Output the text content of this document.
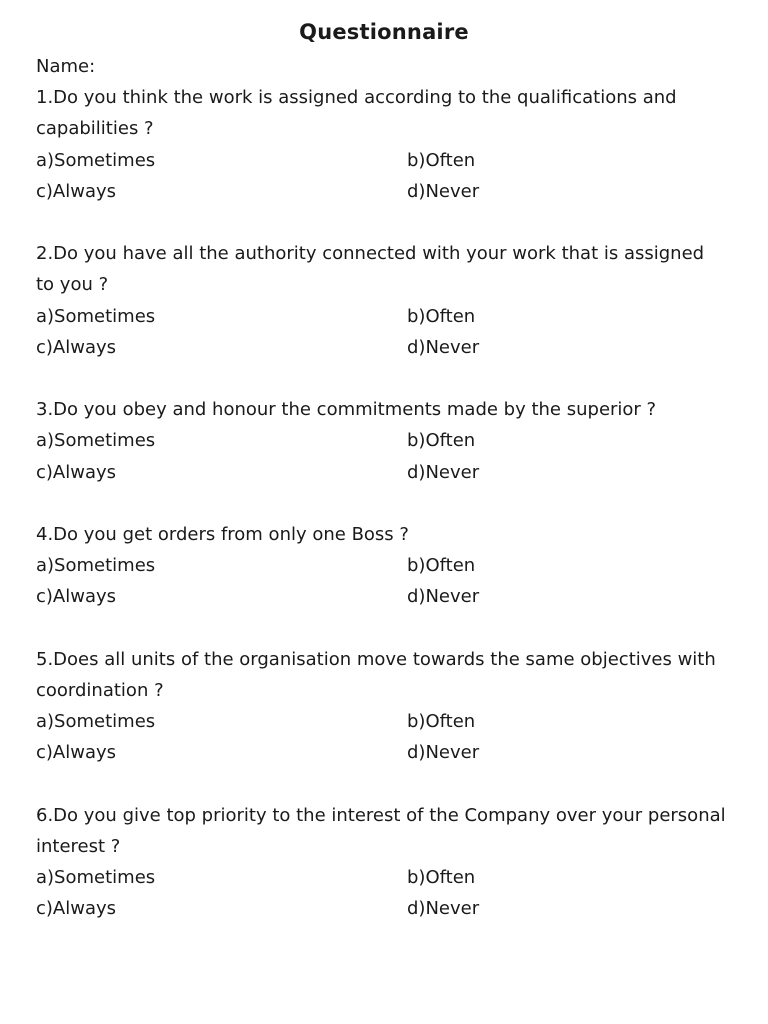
Questionnaire
Name:
1.Do you think the work is assigned according to the qualifications and capabilities ?
a)Sometimes	b)Often
c)Always	d)Never
2.Do you have all the authority connected with your work that is assigned to you ?
a)Sometimes	b)Often
c)Always	d)Never
3.Do you obey and honour the commitments made by the superior ?
a)Sometimes	b)Often
c)Always	d)Never
4.Do you get orders from only one Boss ?
a)Sometimes	b)Often
c)Always	d)Never
5.Does all units of the organisation move towards the same objectives with coordination ?
a)Sometimes	b)Often
c)Always	d)Never
6.Do you give top priority to the interest of the Company over your personal interest ?
a)Sometimes	b)Often
c)Always	d)Never
